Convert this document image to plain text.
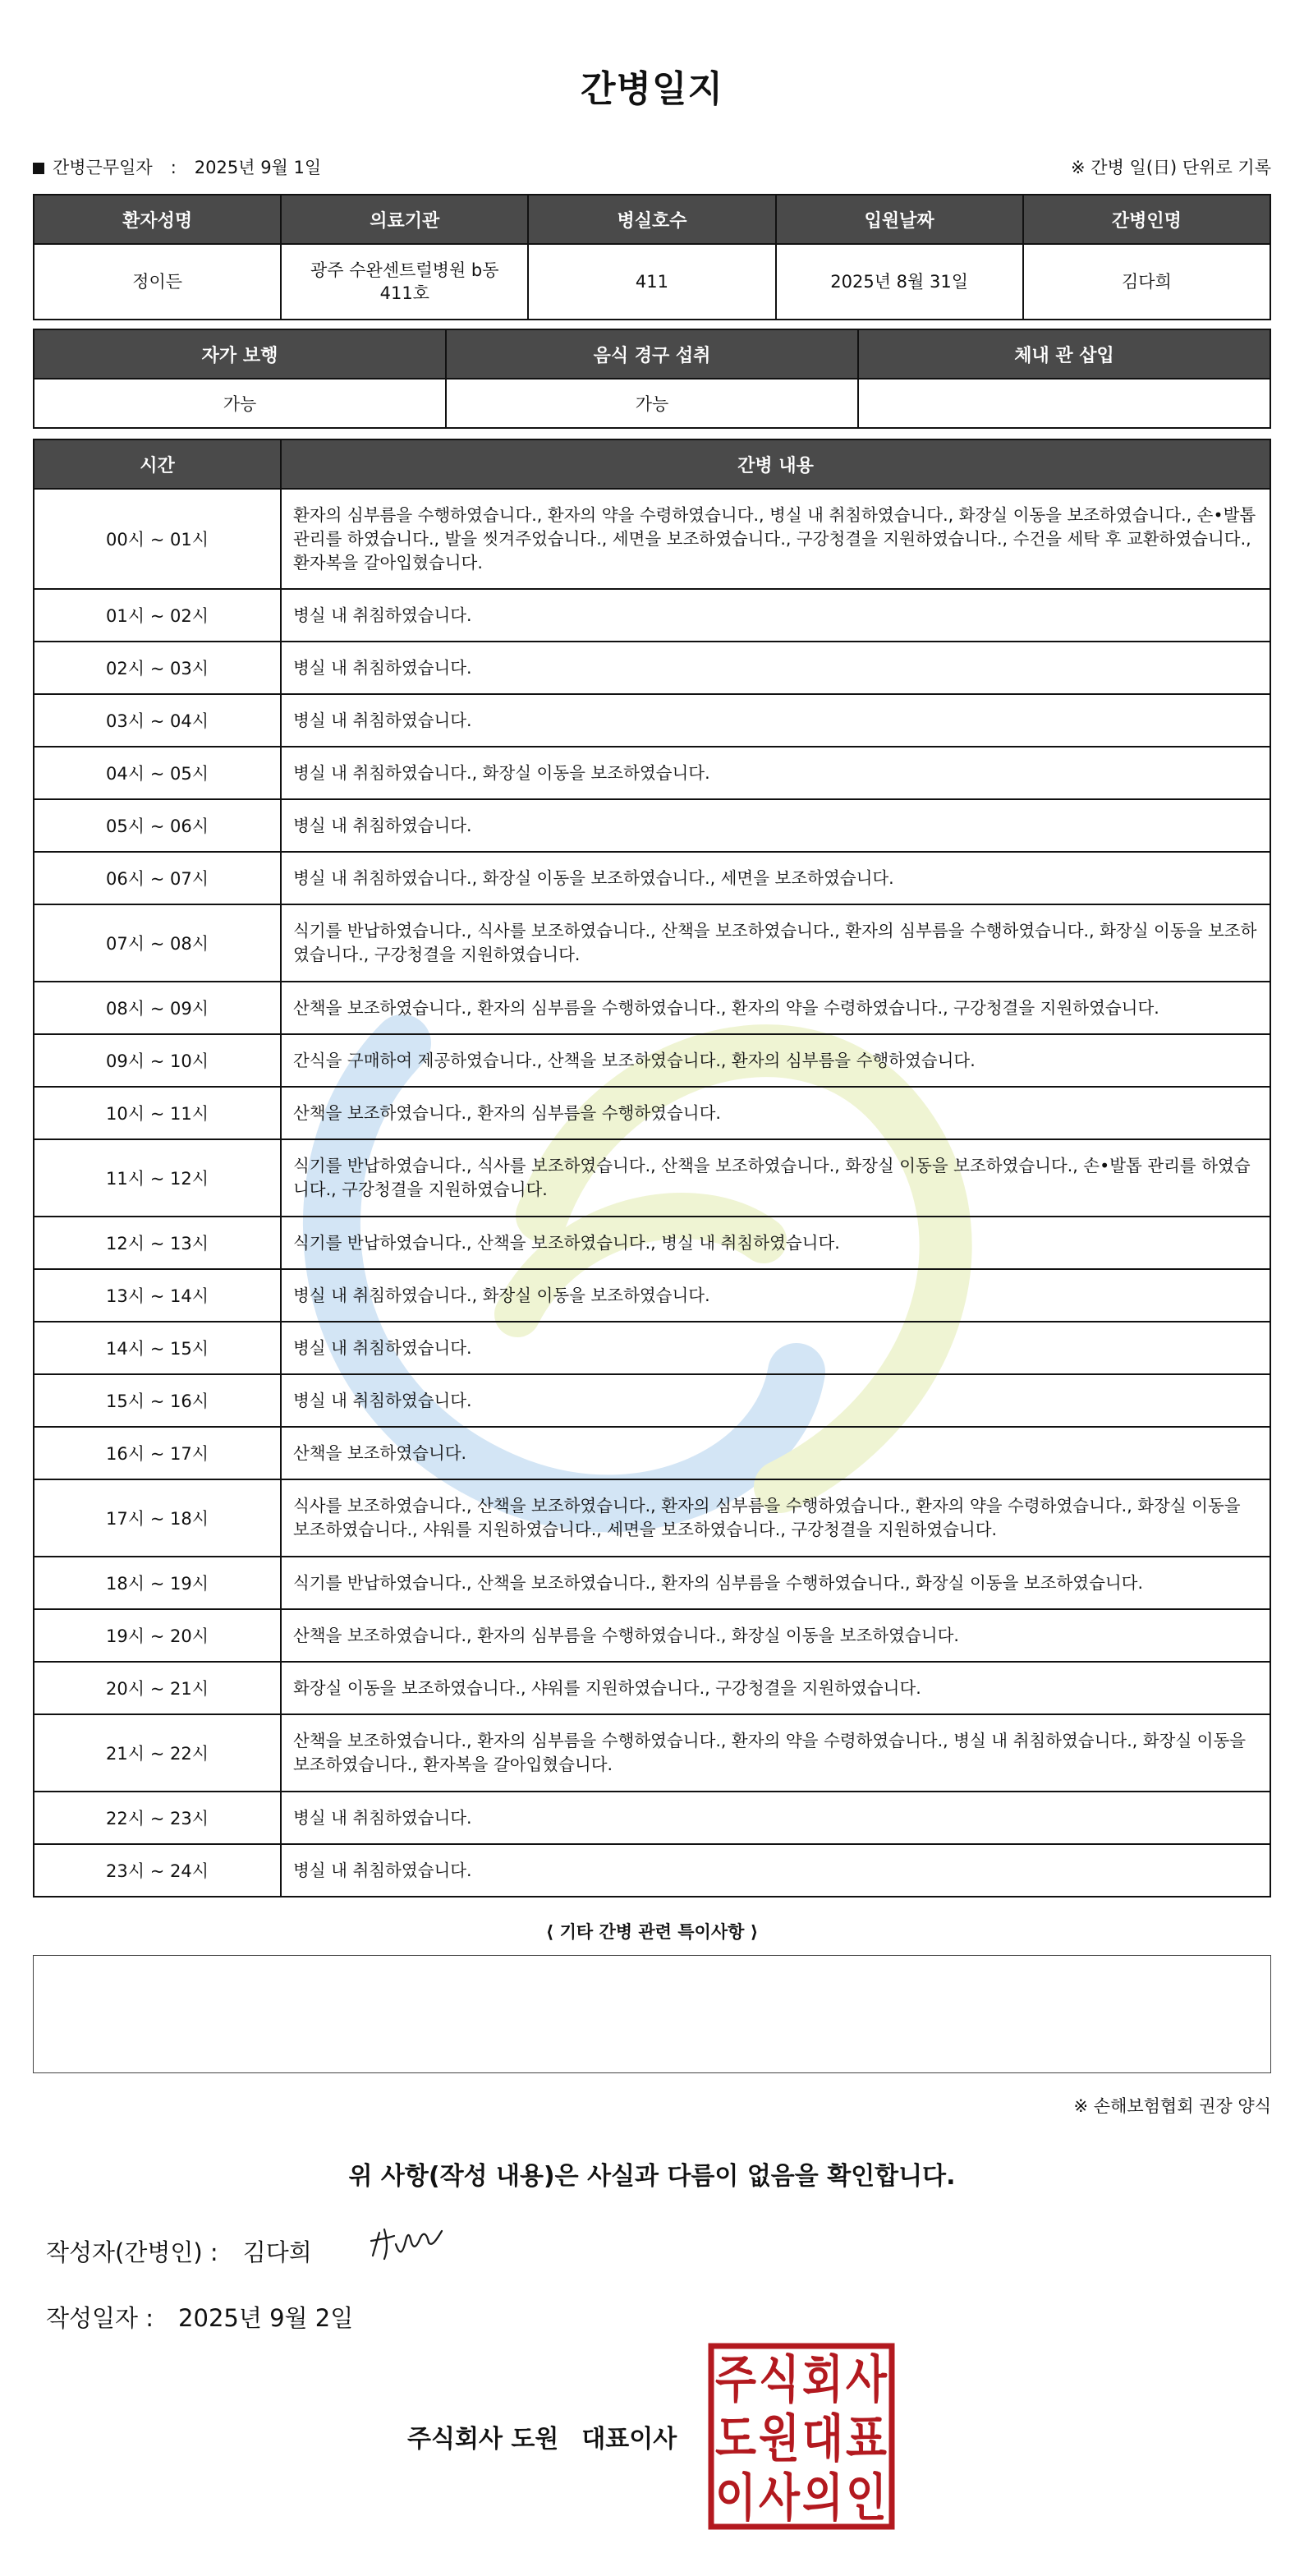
간병일지
간병근무일자 : 2025년 9월 1일	※ 간병 일(日) 단위로 기록
환자성명	의료기관	병실호수	입원날짜	간병인명
정이든	광주 수완센트럴병원 b동 411호	411	2025년 8월 31일	김다희
자가 보행	음식 경구 섭취	체내 관 삽입
가능	가능	
시간	간병 내용
00시 ~ 01시	환자의 심부름을 수행하였습니다., 환자의 약을 수령하였습니다., 병실 내 취침하였습니다., 화장실 이동을 보조하였습니다., 손•발톱 관리를 하였습니다., 발을 씻겨주었습니다., 세면을 보조하였습니다., 구강청결을 지원하였습니다., 수건을 세탁 후 교환하였습니다., 환자복을 갈아입혔습니다.
01시 ~ 02시	병실 내 취침하였습니다.
02시 ~ 03시	병실 내 취침하였습니다.
03시 ~ 04시	병실 내 취침하였습니다.
04시 ~ 05시	병실 내 취침하였습니다., 화장실 이동을 보조하였습니다.
05시 ~ 06시	병실 내 취침하였습니다.
06시 ~ 07시	병실 내 취침하였습니다., 화장실 이동을 보조하였습니다., 세면을 보조하였습니다.
07시 ~ 08시	식기를 반납하였습니다., 식사를 보조하였습니다., 산책을 보조하였습니다., 환자의 심부름을 수행하였습니다., 화장실 이동을 보조하였습니다., 구강청결을 지원하였습니다.
08시 ~ 09시	산책을 보조하였습니다., 환자의 심부름을 수행하였습니다., 환자의 약을 수령하였습니다., 구강청결을 지원하였습니다.
09시 ~ 10시	간식을 구매하여 제공하였습니다., 산책을 보조하였습니다., 환자의 심부름을 수행하였습니다.
10시 ~ 11시	산책을 보조하였습니다., 환자의 심부름을 수행하였습니다.
11시 ~ 12시	식기를 반납하였습니다., 식사를 보조하였습니다., 산책을 보조하였습니다., 화장실 이동을 보조하였습니다., 손•발톱 관리를 하였습니다., 구강청결을 지원하였습니다.
12시 ~ 13시	식기를 반납하였습니다., 산책을 보조하였습니다., 병실 내 취침하였습니다.
13시 ~ 14시	병실 내 취침하였습니다., 화장실 이동을 보조하였습니다.
14시 ~ 15시	병실 내 취침하였습니다.
15시 ~ 16시	병실 내 취침하였습니다.
16시 ~ 17시	산책을 보조하였습니다.
17시 ~ 18시	식사를 보조하였습니다., 산책을 보조하였습니다., 환자의 심부름을 수행하였습니다., 환자의 약을 수령하였습니다., 화장실 이동을 보조하였습니다., 샤워를 지원하였습니다., 세면을 보조하였습니다., 구강청결을 지원하였습니다.
18시 ~ 19시	식기를 반납하였습니다., 산책을 보조하였습니다., 환자의 심부름을 수행하였습니다., 화장실 이동을 보조하였습니다.
19시 ~ 20시	산책을 보조하였습니다., 환자의 심부름을 수행하였습니다., 화장실 이동을 보조하였습니다.
20시 ~ 21시	화장실 이동을 보조하였습니다., 샤워를 지원하였습니다., 구강청결을 지원하였습니다.
21시 ~ 22시	산책을 보조하였습니다., 환자의 심부름을 수행하였습니다., 환자의 약을 수령하였습니다., 병실 내 취침하였습니다., 화장실 이동을 보조하였습니다., 환자복을 갈아입혔습니다.
22시 ~ 23시	병실 내 취침하였습니다.
23시 ~ 24시	병실 내 취침하였습니다.
⟨ 기타 간병 관련 특이사항 ⟩
※ 손해보험협회 권장 양식
위 사항(작성 내용)은 사실과 다름이 없음을 확인합니다.
작성자(간병인) : 김다희
작성일자 : 2025년 9월 2일
주식회사 도원 대표이사
주 식 회 사
도 원 대 표
이 사 의 인
